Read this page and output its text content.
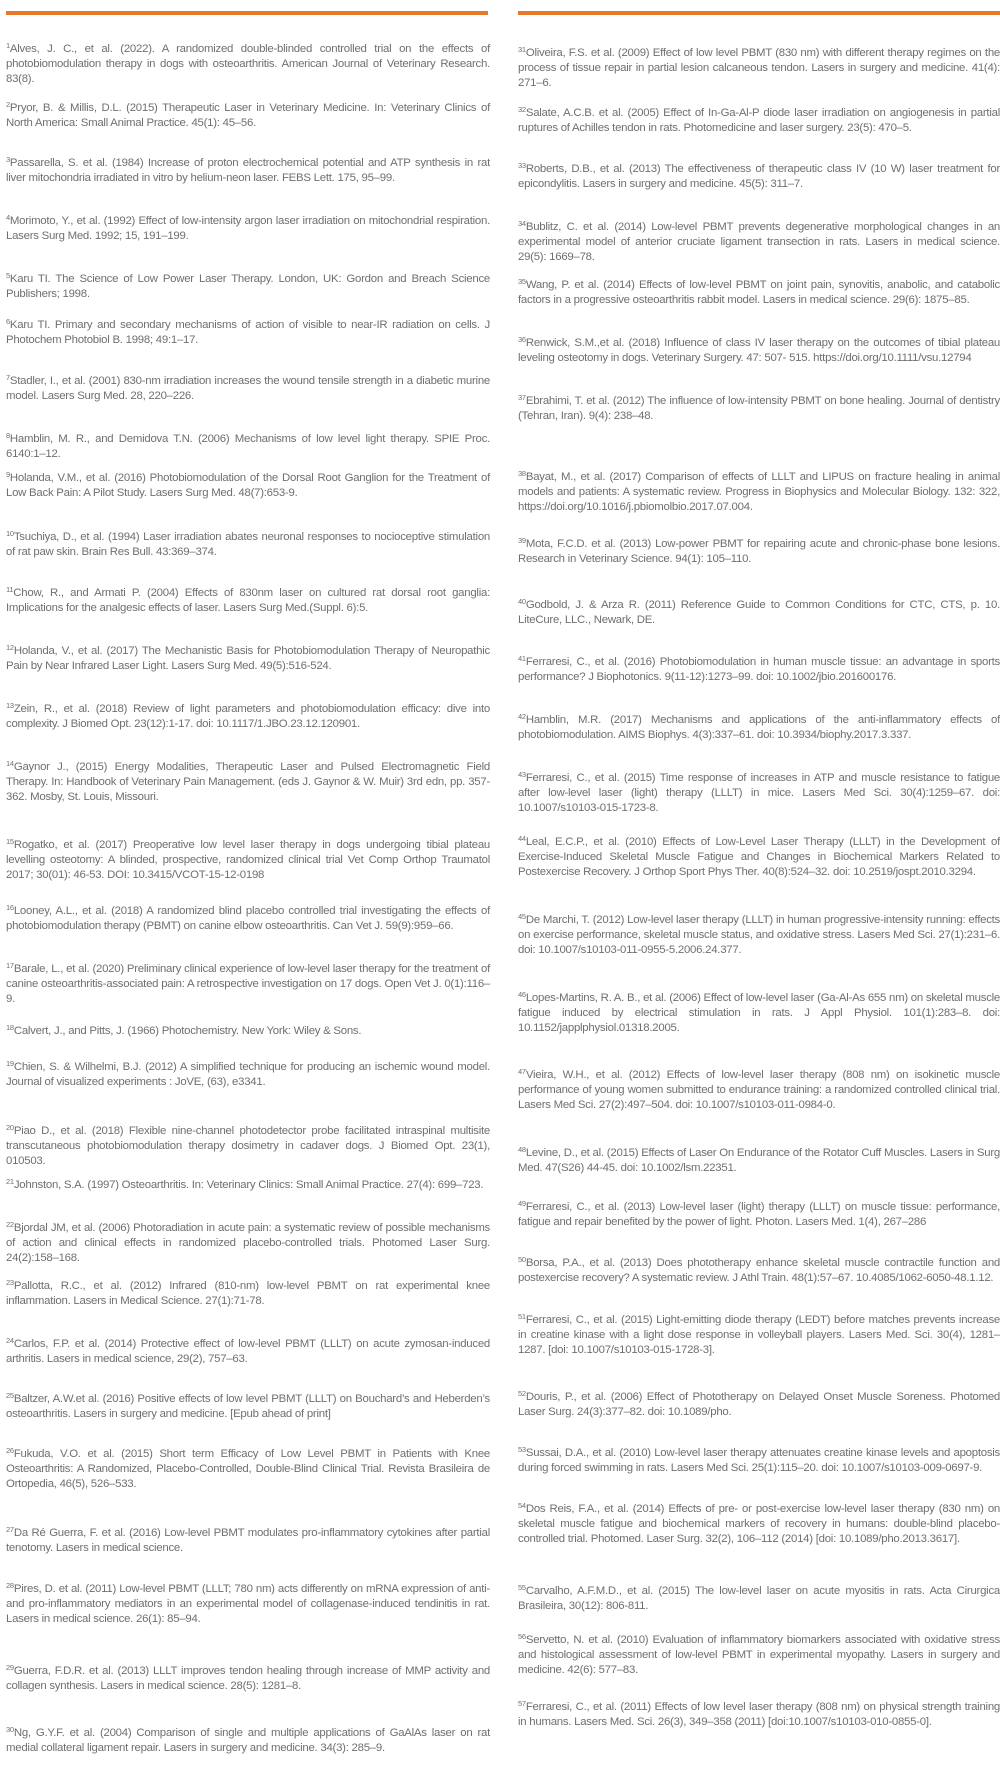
$^1$Alves, J. C., et al. (2022). A randomized double-blinded controlled trial on the effects of photobiomodulation therapy in dogs with osteoarthritis. American Journal of Veterinary Research. 83(8).
$^2$Pryor, B. & Millis, D.L. (2015) Therapeutic Laser in Veterinary Medicine. In: Veterinary Clinics of North America: Small Animal Practice. 45(1): 45–56.
$^3$Passarella, S. et al. (1984) Increase of proton electrochemical potential and ATP synthesis in rat liver mitochondria irradiated in vitro by helium-neon laser. FEBS Lett. 175, 95–99.
$^4$Morimoto, Y., et al. (1992) Effect of low-intensity argon laser irradiation on mitochondrial respiration. Lasers Surg Med. 1992; 15, 191–199.
$^5$Karu TI. The Science of Low Power Laser Therapy. London, UK: Gordon and Breach Science Publishers; 1998.
$^6$Karu TI. Primary and secondary mechanisms of action of visible to near-IR radiation on cells. J Photochem Photobiol B. 1998; 49:1–17.
$^7$Stadler, I., et al. (2001) 830-nm irradiation increases the wound tensile strength in a diabetic murine model. Lasers Surg Med. 28, 220–226.
$^8$Hamblin, M. R., and Demidova T.N. (2006) Mechanisms of low level light therapy. SPIE Proc. 6140:1–12.
$^9$Holanda, V.M., et al. (2016) Photobiomodulation of the Dorsal Root Ganglion for the Treatment of Low Back Pain: A Pilot Study. Lasers Surg Med. 48(7):653-9.
$^{10}$Tsuchiya, D., et al. (1994) Laser irradiation abates neuronal responses to nocioceptive stimulation of rat paw skin. Brain Res Bull. 43:369–374.
$^{11}$Chow, R., and Armati P. (2004) Effects of 830nm laser on cultured rat dorsal root ganglia: Implications for the analgesic effects of laser. Lasers Surg Med.(Suppl. 6):5.
$^{12}$Holanda, V., et al. (2017) The Mechanistic Basis for Photobiomodulation Therapy of Neuropathic Pain by Near Infrared Laser Light. Lasers Surg Med. 49(5):516-524.
$^{13}$Zein, R., et al. (2018) Review of light parameters and photobiomodulation efficacy: dive into complexity. J Biomed Opt. 23(12):1-17. doi: 10.1117/1.JBO.23.12.120901.
$^{14}$Gaynor J., (2015) Energy Modalities, Therapeutic Laser and Pulsed Electromagnetic Field Therapy. In: Handbook of Veterinary Pain Management. (eds J. Gaynor & W. Muir) 3rd edn, pp. 357-362. Mosby, St. Louis, Missouri.
$^{15}$Rogatko, et al. (2017) Preoperative low level laser therapy in dogs undergoing tibial plateau levelling osteotomy: A blinded, prospective, randomized clinical trial Vet Comp Orthop Traumatol 2017; 30(01): 46-53. DOI: 10.3415/VCOT-15-12-0198
$^{16}$Looney, A.L., et al. (2018) A randomized blind placebo controlled trial investigating the effects of photobiomodulation therapy (PBMT) on canine elbow osteoarthritis. Can Vet J. 59(9):959–66.
$^{17}$Barale, L., et al. (2020) Preliminary clinical experience of low-level laser therapy for the treatment of canine osteoarthritis-associated pain: A retrospective investigation on 17 dogs. Open Vet J. 0(1):116–9.
$^{18}$Calvert, J., and Pitts, J. (1966) Photochemistry. New York: Wiley & Sons.
$^{19}$Chien, S. & Wilhelmi, B.J. (2012) A simplified technique for producing an ischemic wound model. Journal of visualized experiments : JoVE, (63), e3341.
$^{20}$Piao D., et al. (2018) Flexible nine-channel photodetector probe facilitated intraspinal multisite transcutaneous photobiomodulation therapy dosimetry in cadaver dogs. J Biomed Opt. 23(1), 010503.
$^{21}$Johnston, S.A. (1997) Osteoarthritis. In: Veterinary Clinics: Small Animal Practice. 27(4): 699–723.
$^{22}$Bjordal JM, et al. (2006) Photoradiation in acute pain: a systematic review of possible mechanisms of action and clinical effects in randomized placebo-controlled trials. Photomed Laser Surg. 24(2):158–168.
$^{23}$Pallotta, R.C., et al. (2012) Infrared (810-nm) low-level PBMT on rat experimental knee inflammation. Lasers in Medical Science. 27(1):71-78.
$^{24}$Carlos, F.P. et al. (2014) Protective effect of low-level PBMT (LLLT) on acute zymosan-induced arthritis. Lasers in medical science, 29(2), 757–63.
$^{25}$Baltzer, A.W.et al. (2016) Positive effects of low level PBMT (LLLT) on Bouchard’s and Heberden’s osteoarthritis. Lasers in surgery and medicine. [Epub ahead of print]
$^{26}$Fukuda, V.O. et al. (2015) Short term Efficacy of Low Level PBMT in Patients with Knee Osteoarthritis: A Randomized, Placebo-Controlled, Double-Blind Clinical Trial. Revista Brasileira de Ortopedia, 46(5), 526–533.
$^{27}$Da Ré Guerra, F. et al. (2016) Low-level PBMT modulates pro-inflammatory cytokines after partial tenotomy. Lasers in medical science.
$^{28}$Pires, D. et al. (2011) Low-level PBMT (LLLT; 780 nm) acts differently on mRNA expression of anti- and pro-inflammatory mediators in an experimental model of collagenase-induced tendinitis in rat. Lasers in medical science. 26(1): 85–94.
$^{29}$Guerra, F.D.R. et al. (2013) LLLT improves tendon healing through increase of MMP activity and collagen synthesis. Lasers in medical science. 28(5): 1281–8.
$^{30}$Ng, G.Y.F. et al. (2004) Comparison of single and multiple applications of GaAlAs laser on rat medial collateral ligament repair. Lasers in surgery and medicine. 34(3): 285–9.
$^{31}$Oliveira, F.S. et al. (2009) Effect of low level PBMT (830 nm) with different therapy regimes on the process of tissue repair in partial lesion calcaneous tendon. Lasers in surgery and medicine. 41(4): 271–6.
$^{32}$Salate, A.C.B. et al. (2005) Effect of In-Ga-Al-P diode laser irradiation on angiogenesis in partial ruptures of Achilles tendon in rats. Photomedicine and laser surgery. 23(5): 470–5.
$^{33}$Roberts, D.B., et al. (2013) The effectiveness of therapeutic class IV (10 W) laser treatment for epicondylitis. Lasers in surgery and medicine. 45(5): 311–7.
$^{34}$Bublitz, C. et al. (2014) Low-level PBMT prevents degenerative morphological changes in an experimental model of anterior cruciate ligament transection in rats. Lasers in medical science. 29(5): 1669–78.
$^{35}$Wang, P. et al. (2014) Effects of low-level PBMT on joint pain, synovitis, anabolic, and catabolic factors in a progressive osteoarthritis rabbit model. Lasers in medical science. 29(6): 1875–85.
$^{36}$Renwick, S.M.,et al. (2018) Influence of class IV laser therapy on the outcomes of tibial plateau leveling osteotomy in dogs. Veterinary Surgery. 47: 507- 515. https://doi.org/10.1111/vsu.12794
$^{37}$Ebrahimi, T. et al. (2012) The influence of low-intensity PBMT on bone healing. Journal of dentistry (Tehran, Iran). 9(4): 238–48.
$^{38}$Bayat, M., et al. (2017) Comparison of effects of LLLT and LIPUS on fracture healing in animal models and patients: A systematic review. Progress in Biophysics and Molecular Biology. 132: 322, https://doi.org/10.1016/j.pbiomolbio.2017.07.004.
$^{39}$Mota, F.C.D. et al. (2013) Low-power PBMT for repairing acute and chronic-phase bone lesions. Research in Veterinary Science. 94(1): 105–110.
$^{40}$Godbold, J. & Arza R. (2011) Reference Guide to Common Conditions for CTC, CTS, p. 10. LiteCure, LLC., Newark, DE.
$^{41}$Ferraresi, C., et al. (2016) Photobiomodulation in human muscle tissue: an advantage in sports performance? J Biophotonics. 9(11-12):1273–99. doi: 10.1002/jbio.201600176.
$^{42}$Hamblin, M.R. (2017) Mechanisms and applications of the anti-inflammatory effects of photobiomodulation. AIMS Biophys. 4(3):337–61. doi: 10.3934/biophy.2017.3.337.
$^{43}$Ferraresi, C., et al. (2015) Time response of increases in ATP and muscle resistance to fatigue after low-level laser (light) therapy (LLLT) in mice. Lasers Med Sci. 30(4):1259–67. doi: 10.1007/s10103-015-1723-8.
$^{44}$Leal, E.C.P., et al. (2010) Effects of Low-Level Laser Therapy (LLLT) in the Development of Exercise-Induced Skeletal Muscle Fatigue and Changes in Biochemical Markers Related to Postexercise Recovery. J Orthop Sport Phys Ther. 40(8):524–32. doi: 10.2519/jospt.2010.3294.
$^{45}$De Marchi, T. (2012) Low-level laser therapy (LLLT) in human progressive-intensity running: effects on exercise performance, skeletal muscle status, and oxidative stress. Lasers Med Sci. 27(1):231–6. doi: 10.1007/s10103-011-0955-5.2006.24.377.
$^{46}$Lopes-Martins, R. A. B., et al. (2006) Effect of low-level laser (Ga-Al-As 655 nm) on skeletal muscle fatigue induced by electrical stimulation in rats. J Appl Physiol. 101(1):283–8. doi: 10.1152/japplphysiol.01318.2005.
$^{47}$Vieira, W.H., et al. (2012) Effects of low-level laser therapy (808 nm) on isokinetic muscle performance of young women submitted to endurance training: a randomized controlled clinical trial. Lasers Med Sci. 27(2):497–504. doi: 10.1007/s10103-011-0984-0.
$^{48}$Levine, D., et al. (2015) Effects of Laser On Endurance of the Rotator Cuff Muscles. Lasers in Surg Med. 47(S26) 44-45. doi: 10.1002/lsm.22351.
$^{49}$Ferraresi, C., et al. (2013) Low-level laser (light) therapy (LLLT) on muscle tissue: performance, fatigue and repair benefited by the power of light. Photon. Lasers Med. 1(4), 267–286
$^{50}$Borsa, P.A., et al. (2013) Does phototherapy enhance skeletal muscle contractile function and postexercise recovery? A systematic review. J Athl Train. 48(1):57–67. 10.4085/1062-6050-48.1.12.
$^{51}$Ferraresi, C., et al. (2015) Light-emitting diode therapy (LEDT) before matches prevents increase in creatine kinase with a light dose response in volleyball players. Lasers Med. Sci. 30(4), 1281–1287. [doi: 10.1007/s10103-015-1728-3].
$^{52}$Douris, P., et al. (2006) Effect of Phototherapy on Delayed Onset Muscle Soreness. Photomed Laser Surg. 24(3):377–82. doi: 10.1089/pho.
$^{53}$Sussai, D.A., et al. (2010) Low-level laser therapy attenuates creatine kinase levels and apoptosis during forced swimming in rats. Lasers Med Sci. 25(1):115–20. doi: 10.1007/s10103-009-0697-9.
$^{54}$Dos Reis, F.A., et al. (2014) Effects of pre- or post-exercise low-level laser therapy (830 nm) on skeletal muscle fatigue and biochemical markers of recovery in humans: double-blind placebo-controlled trial. Photomed. Laser Surg. 32(2), 106–112 (2014) [doi: 10.1089/pho.2013.3617].
$^{55}$Carvalho, A.F.M.D., et al. (2015) The low-level laser on acute myositis in rats. Acta Cirurgica Brasileira, 30(12): 806-811.
$^{56}$Servetto, N. et al. (2010) Evaluation of inflammatory biomarkers associated with oxidative stress and histological assessment of low-level PBMT in experimental myopathy. Lasers in surgery and medicine. 42(6): 577–83.
$^{57}$Ferraresi, C., et al. (2011) Effects of low level laser therapy (808 nm) on physical strength training in humans. Lasers Med. Sci. 26(3), 349–358 (2011) [doi:10.1007/s10103-010-0855-0].
